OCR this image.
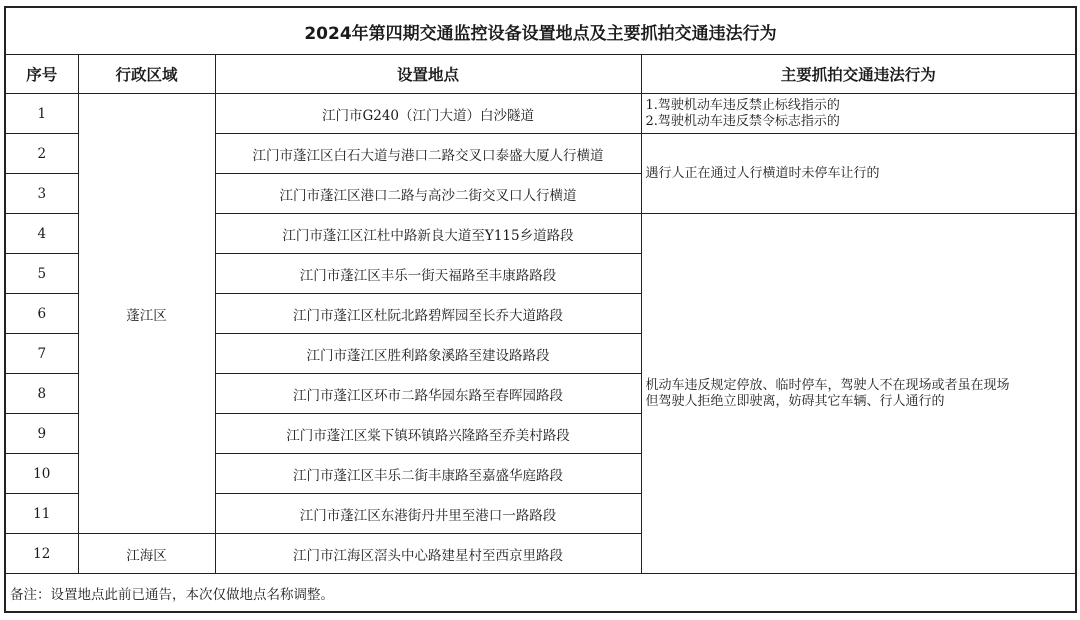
2024年第四期交通监控设备设置地点及主要抓拍交通违法行为			
序号	行政区域	设置地点	主要抓拍交通违法行为
1	蓬江区	江门市G240（江门大道）白沙隧道	1.驾驶机动车违反禁止标线指示的
2.驾驶机动车违反禁令标志指示的

2		江门市蓬江区白石大道与港口二路交叉口泰盛大厦人行横道	遇行人正在通过人行横道时未停车让行的
3		江门市蓬江区港口二路与高沙二街交叉口人行横道	
4		江门市蓬江区江杜中路新良大道至Y115乡道路段	机动车违反规定停放、临时停车，驾驶人不在现场或者虽在现场
但驾驶人拒绝立即驶离，妨碍其它车辆、行人通行的

5		江门市蓬江区丰乐一街天福路至丰康路路段	
6		江门市蓬江区杜阮北路碧辉园至长乔大道路段	
7		江门市蓬江区胜利路象溪路至建设路路段	
8		江门市蓬江区环市二路华园东路至春晖园路段	
9		江门市蓬江区棠下镇环镇路兴隆路至乔美村路段	
10		江门市蓬江区丰乐二街丰康路至嘉盛华庭路段	
11		江门市蓬江区东港街丹井里至港口一路路段	
12	江海区	江门市江海区滘头中心路建星村至西京里路段	
备注：设置地点此前已通告，本次仅做地点名称调整。			
